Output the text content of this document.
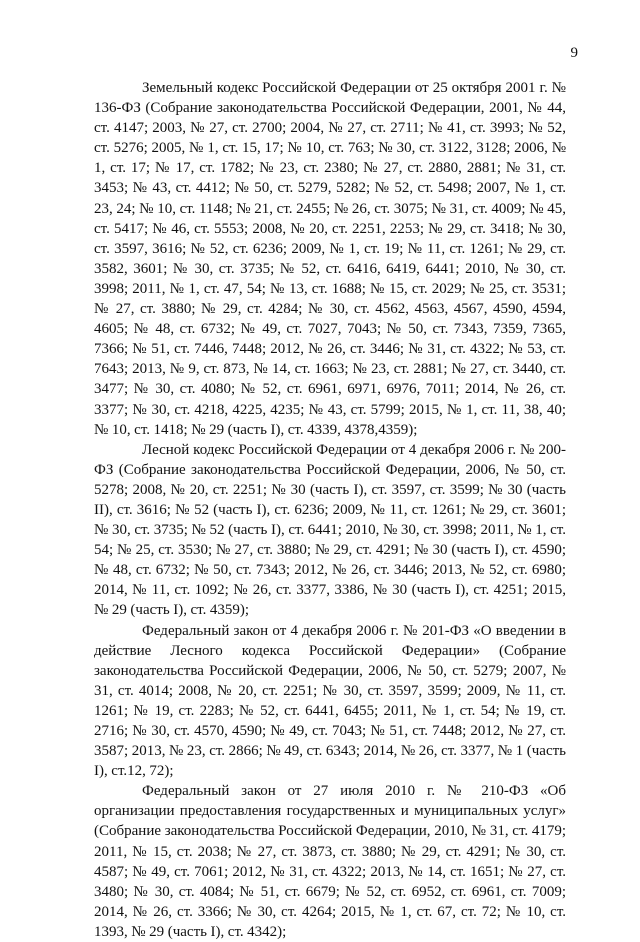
9

Земельный кодекс Российской Федерации от 25 октября 2001 г. № 136-ФЗ (Собрание законодательства Российской Федерации, 2001, № 44, ст. 4147; 2003, № 27, ст. 2700; 2004, № 27, ст. 2711; № 41, ст. 3993; № 52, ст. 5276; 2005, № 1, ст. 15, 17; № 10, ст. 763; № 30, ст. 3122, 3128; 2006, № 1, ст. 17; № 17, ст. 1782; № 23, ст. 2380; № 27, ст. 2880, 2881; № 31, ст. 3453; № 43, ст. 4412; № 50, ст. 5279, 5282; № 52, ст. 5498; 2007, № 1, ст. 23, 24; № 10, ст. 1148; № 21, ст. 2455; № 26, ст. 3075; № 31, ст. 4009; № 45, ст. 5417; № 46, ст. 5553; 2008, № 20, ст. 2251, 2253; № 29, ст. 3418; № 30, ст. 3597, 3616; № 52, ст. 6236; 2009, № 1, ст. 19; № 11, ст. 1261; № 29, ст. 3582, 3601; № 30, ст. 3735; № 52, ст. 6416, 6419, 6441; 2010, № 30, ст. 3998; 2011, № 1, ст. 47, 54; № 13, ст. 1688; № 15, ст. 2029; № 25, ст. 3531; № 27, ст. 3880; № 29, ст. 4284; № 30, ст. 4562, 4563, 4567, 4590, 4594, 4605; № 48, ст. 6732; № 49, ст. 7027, 7043; № 50, ст. 7343, 7359, 7365, 7366; № 51, ст. 7446, 7448; 2012, № 26, ст. 3446; № 31, ст. 4322; № 53, ст. 7643; 2013, № 9, ст. 873, № 14, ст. 1663; № 23, ст. 2881; № 27, ст. 3440, ст. 3477; № 30, ст. 4080; № 52, ст. 6961, 6971, 6976, 7011; 2014, № 26, ст. 3377; № 30, ст. 4218, 4225, 4235; № 43, ст. 5799; 2015, № 1, ст. 11, 38, 40; № 10, ст. 1418; № 29 (часть I), ст. 4339, 4378,4359);

Лесной кодекс Российской Федерации от 4 декабря 2006 г. № 200-ФЗ (Собрание законодательства Российской Федерации, 2006, № 50, ст. 5278; 2008, № 20, ст. 2251; № 30 (часть I), ст. 3597, ст. 3599; № 30 (часть II), ст. 3616; № 52 (часть I), ст. 6236; 2009, № 11, ст. 1261; № 29, ст. 3601; № 30, ст. 3735; № 52 (часть I), ст. 6441; 2010, № 30, ст. 3998; 2011, № 1, ст. 54; № 25, ст. 3530; № 27, ст. 3880; № 29, ст. 4291; № 30 (часть I), ст. 4590; № 48, ст. 6732; № 50, ст. 7343; 2012, № 26, ст. 3446; 2013, № 52, ст. 6980; 2014, № 11, ст. 1092; № 26, ст. 3377, 3386, № 30 (часть I), ст. 4251; 2015, № 29 (часть I), ст. 4359);

Федеральный закон от 4 декабря 2006 г. № 201-ФЗ «О введении в действие Лесного кодекса Российской Федерации» (Собрание законодательства Российской Федерации, 2006, № 50, ст. 5279; 2007, № 31, ст. 4014; 2008, № 20, ст. 2251; № 30, ст. 3597, 3599; 2009, № 11, ст. 1261; № 19, ст. 2283; № 52, ст. 6441, 6455; 2011, № 1, ст. 54; № 19, ст. 2716; № 30, ст. 4570, 4590; № 49, ст. 7043; № 51, ст. 7448; 2012, № 27, ст. 3587; 2013, № 23, ст. 2866; № 49, ст. 6343; 2014, № 26, ст. 3377, № 1 (часть I), ст.12, 72);

Федеральный закон от 27 июля 2010 г. № 210-ФЗ «Об организации предоставления государственных и муниципальных услуг» (Собрание законодательства Российской Федерации, 2010, № 31, ст. 4179; 2011, № 15, ст. 2038; № 27, ст. 3873, ст. 3880; № 29, ст. 4291; № 30, ст. 4587; № 49, ст. 7061; 2012, № 31, ст. 4322; 2013, № 14, ст. 1651; № 27, ст. 3480; № 30, ст. 4084; № 51, ст. 6679; № 52, ст. 6952, ст. 6961, ст. 7009; 2014, № 26, ст. 3366; № 30, ст. 4264; 2015, № 1, ст. 67, ст. 72; № 10, ст. 1393, № 29 (часть I), ст. 4342);
